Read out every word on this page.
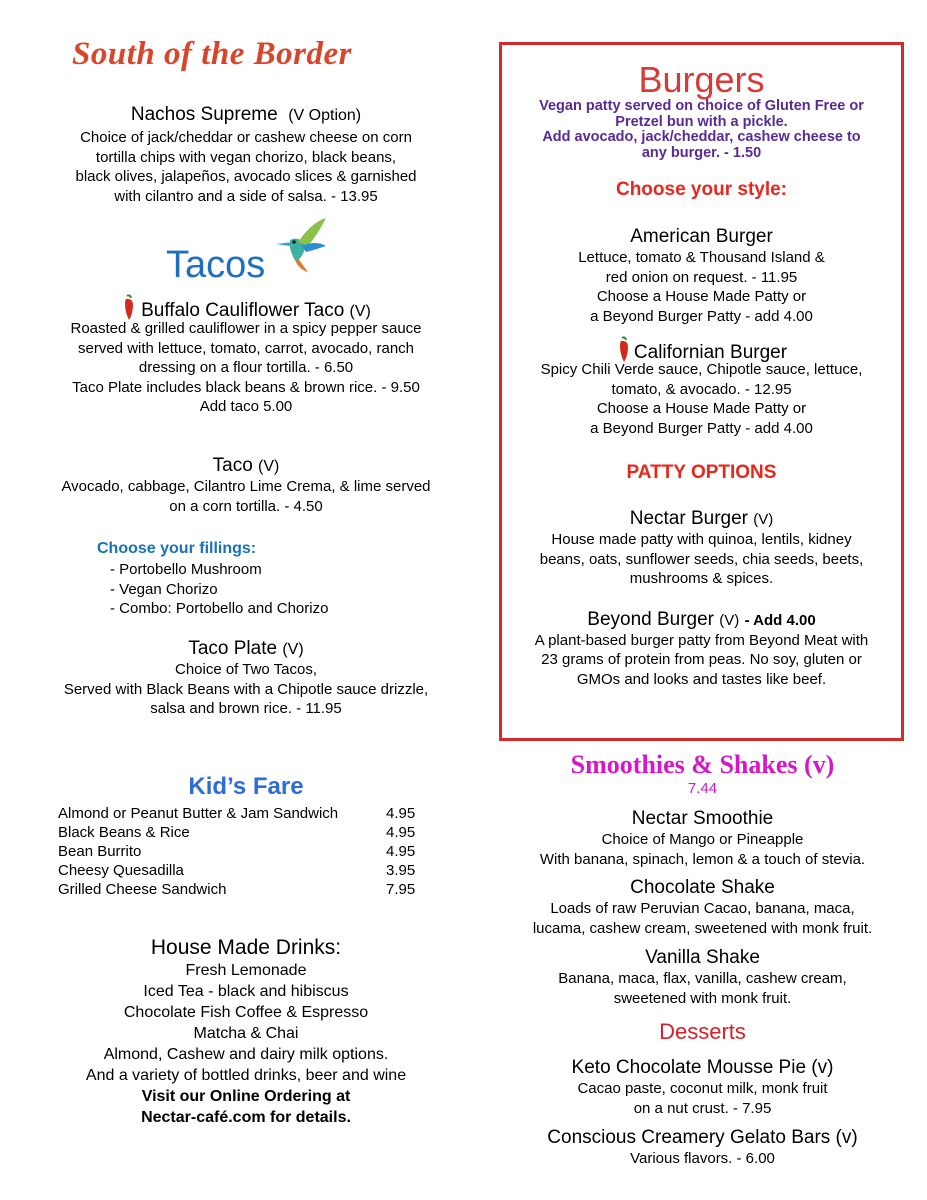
South of the Border
Nachos Supreme (V Option)
Choice of jack/cheddar or cashew cheese on corn
tortilla chips with vegan chorizo, black beans,
black olives, jalapeños, avocado slices & garnished
with cilantro and a side of salsa. - 13.95
Tacos
Buffalo Cauliflower Taco (V)
Roasted & grilled cauliflower in a spicy pepper sauce
served with lettuce, tomato, carrot, avocado, ranch
dressing on a flour tortilla. - 6.50
Taco Plate includes black beans & brown rice. - 9.50
Add taco 5.00
Taco (V)
Avocado, cabbage, Cilantro Lime Crema, & lime served
on a corn tortilla. - 4.50
Choose your fillings:
- Portobello Mushroom
- Vegan Chorizo
- Combo: Portobello and Chorizo
Taco Plate (V)
Choice of Two Tacos,
Served with Black Beans with a Chipotle sauce drizzle,
salsa and brown rice. - 11.95
Kid’s Fare
Almond or Peanut Butter & Jam Sandwich	4.95
Black Beans & Rice	4.95
Bean Burrito	4.95
Cheesy Quesadilla	3.95
Grilled Cheese Sandwich	7.95
House Made Drinks:
Fresh Lemonade
Iced Tea - black and hibiscus
Chocolate Fish Coffee & Espresso
Matcha & Chai
Almond, Cashew and dairy milk options.
And a variety of bottled drinks, beer and wine
Visit our Online Ordering at
Nectar-café.com for details.
Burgers
Vegan patty served on choice of Gluten Free or
Pretzel bun with a pickle.
Add avocado, jack/cheddar, cashew cheese to
any burger. - 1.50
Choose your style:
American Burger
Lettuce, tomato & Thousand Island &
red onion on request. - 11.95
Choose a House Made Patty or
a Beyond Burger Patty - add 4.00
Californian Burger
Spicy Chili Verde sauce, Chipotle sauce, lettuce,
tomato, & avocado. - 12.95
Choose a House Made Patty or
a Beyond Burger Patty - add 4.00
PATTY OPTIONS
Nectar Burger (V)
House made patty with quinoa, lentils, kidney
beans, oats, sunflower seeds, chia seeds, beets,
mushrooms & spices.
Beyond Burger (V) - Add 4.00
A plant-based burger patty from Beyond Meat with
23 grams of protein from peas. No soy, gluten or
GMOs and looks and tastes like beef.
Smoothies & Shakes (v)
7.44
Nectar Smoothie
Choice of Mango or Pineapple
With banana, spinach, lemon & a touch of stevia.
Chocolate Shake
Loads of raw Peruvian Cacao, banana, maca,
lucama, cashew cream, sweetened with monk fruit.
Vanilla Shake
Banana, maca, flax, vanilla, cashew cream,
sweetened with monk fruit.
Desserts
Keto Chocolate Mousse Pie (v)
Cacao paste, coconut milk, monk fruit
on a nut crust. - 7.95
Conscious Creamery Gelato Bars (v)
Various flavors. - 6.00
